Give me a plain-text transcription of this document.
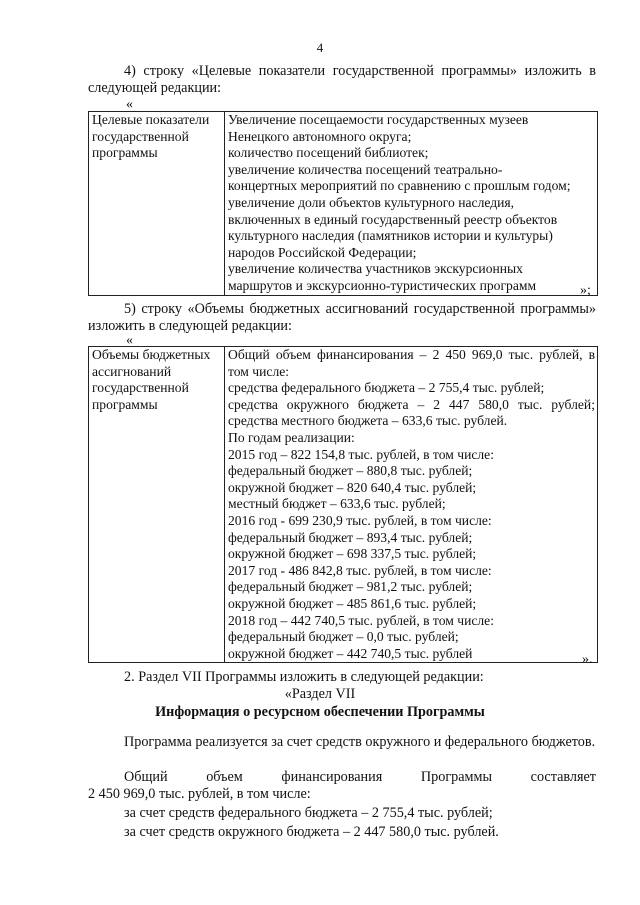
4
4) строку «Целевые показатели государственной программы» изложить в следующей редакции:
«
Целевые показатели
государственной
программы

Увеличение посещаемости государственных музеев
Ненецкого автономного округа;
количество посещений библиотек;
увеличение количества посещений театрально-
концертных мероприятий по сравнению с прошлым годом;
увеличение доли объектов культурного наследия,
включенных в единый государственный реестр объектов
культурного наследия (памятников истории и культуры)
народов Российской Федерации;
увеличение количества участников экскурсионных
маршрутов и экскурсионно-туристических программ	»;
5) строку «Объемы бюджетных ассигнований государственной программы» изложить в следующей редакции:
«
Объемы бюджетных
ассигнований
государственной
программы

Общий объем финансирования – 2 450 969,0 тыс. рублей, в
том числе:
средства федерального бюджета – 2 755,4 тыс. рублей;
средства окружного бюджета – 2 447 580,0 тыс. рублей;
средства местного бюджета – 633,6 тыс. рублей.
По годам реализации:
2015 год – 822 154,8 тыс. рублей, в том числе:
федеральный бюджет – 880,8 тыс. рублей;
окружной бюджет – 820 640,4 тыс. рублей;
местный бюджет – 633,6 тыс. рублей;
2016 год - 699 230,9 тыс. рублей, в том числе:
федеральный бюджет – 893,4 тыс. рублей;
окружной бюджет – 698 337,5 тыс. рублей;
2017 год - 486 842,8 тыс. рублей, в том числе:
федеральный бюджет – 981,2 тыс. рублей;
окружной бюджет – 485 861,6 тыс. рублей;
2018 год – 442 740,5 тыс. рублей, в том числе:
федеральный бюджет – 0,0 тыс. рублей;
окружной бюджет – 442 740,5 тыс. рублей	».
2. Раздел VII Программы изложить в следующей редакции:
«Раздел VII
Информация о ресурсном обеспечении Программы
Программа реализуется за счет средств окружного и федерального бюджетов.
Общий	объем	финансирования	Программы	составляет
2 450 969,0 тыс. рублей, в том числе:
за счет средств федерального бюджета – 2 755,4 тыс. рублей;
за счет средств окружного бюджета – 2 447 580,0 тыс. рублей.
